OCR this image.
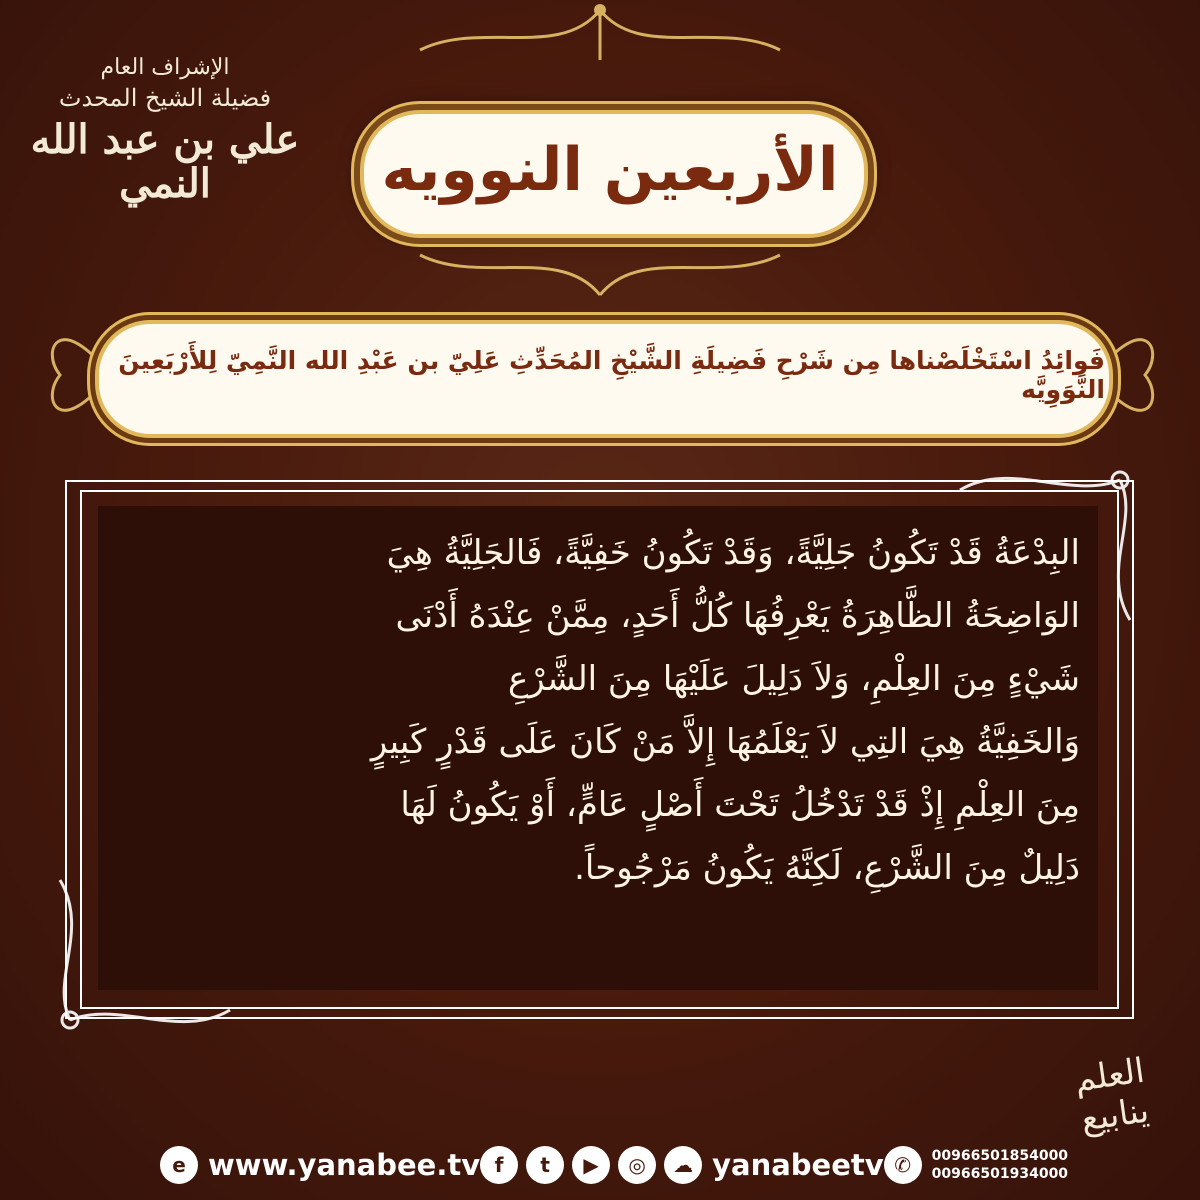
الإشراف العام
فضيلة الشيخ المحدث
علي بن عبد الله النمي	الأربعين النوويه
فَوائِدُ اسْتَخْلَصْناها مِن شَرْحِ فَضِيلَةِ الشَّيْخِ المُحَدِّثِ عَلِيّ بن عَبْدِ الله النَّمِيّ لِلأَرْبَعِينَ النَّوَوِيَّه

البِدْعَةُ قَدْ تَكُونُ جَلِيَّةً، وَقَدْ تَكُونُ خَفِيَّةً، فَالجَلِيَّةُ هِيَ

الوَاضِحَةُ الظَّاهِرَةُ يَعْرِفُهَا كُلُّ أَحَدٍ، مِمَّنْ عِنْدَهُ أَدْنَى

شَيْءٍ مِنَ العِلْمِ، وَلاَ دَلِيلَ عَلَيْهَا مِنَ الشَّرْعِ

وَالخَفِيَّةُ هِيَ التِي لاَ يَعْلَمُهَا إِلاَّ مَنْ كَانَ عَلَى قَدْرٍ كَبِيرٍ

مِنَ العِلْمِ إِذْ قَدْ تَدْخُلُ تَحْتَ أَصْلٍ عَامٍّ، أَوْ يَكُونُ لَهَا

دَلِيلٌ مِنَ الشَّرْعِ، لَكِنَّهُ يَكُونُ مَرْجُوحاً.

العلم
ينابيع
e www.yanabee.tv f	t	▶	◎	☁ yanabeetv ✆	00966501854000
00966501934000
